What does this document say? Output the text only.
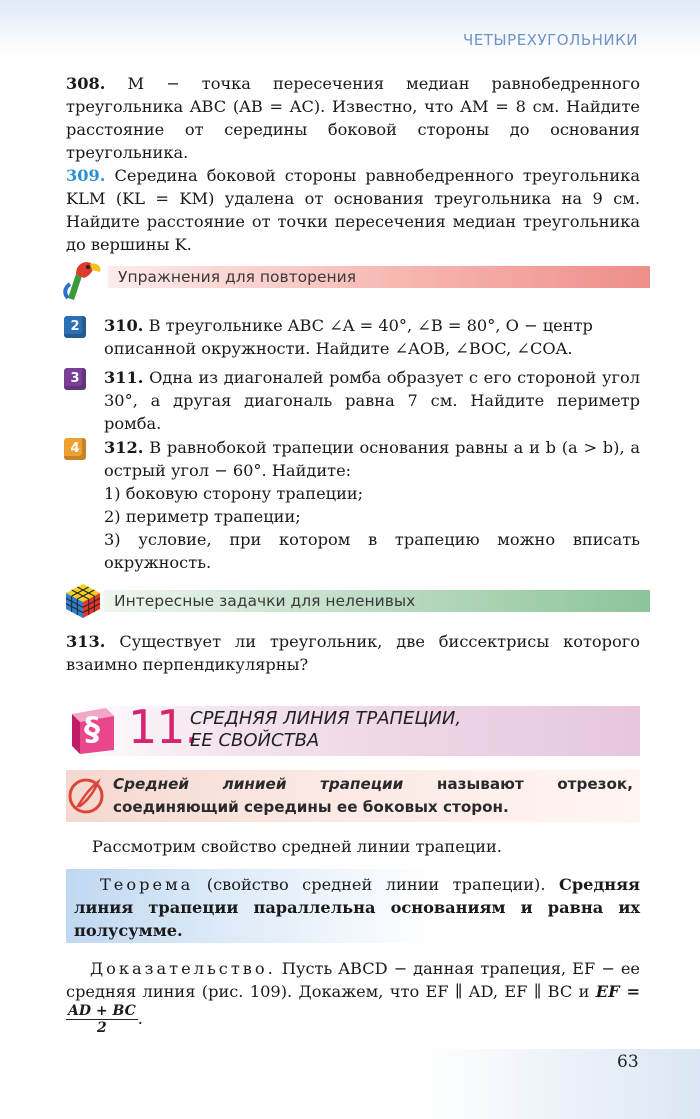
ЧЕТЫРЕХУГОЛЬНИКИ
308. M − точка пересечения медиан равнобедренного треугольника ABC (AB = AC). Известно, что AM = 8 см. Найдите расстояние от середины боковой стороны до основания треугольника.
309. Середина боковой стороны равнобедренного треугольника KLM (KL = KM) удалена от основания треугольника на 9 см. Найдите расстояние от точки пересечения медиан треугольника до вершины K.
Упражнения для повторения
2	310. В треугольнике ABC ∠A = 40°, ∠B = 80°, O − центр описанной окружности. Найдите ∠AOB, ∠BOC, ∠COA.
3	311. Одна из диагоналей ромба образует с его стороной угол 30°, а другая диагональ равна 7 см. Найдите периметр ромба.
4	312. В равнобокой трапеции основания равны a и b (a > b), а острый угол − 60°. Найдите:
1) боковую сторону трапеции;
2) периметр трапеции;
3) условие, при котором в трапецию можно вписать окружность.
Интересные задачки для нeленивых
313. Существует ли треугольник, две биссектрисы которого взаимно перпендикулярны?
§ 11.
СРЕДНЯЯ ЛИНИЯ ТРАПЕЦИИ,
ЕЕ СВОЙСТВА
Средней линией трапеции называют отрезок, соединяющий середины ее боковых сторон.
Рассмотрим свойство средней линии трапеции.
Теорема (свойство средней линии трапеции). Средняя линия трапеции параллельна основаниям и равна их полусумме.
Доказательство. Пусть ABCD − данная трапеция, EF − ее средняя линия (рис. 109). Докажем, что EF ∥ AD, EF ∥ BC и EF =
$\frac{AD + BC}{2}$ .
63
